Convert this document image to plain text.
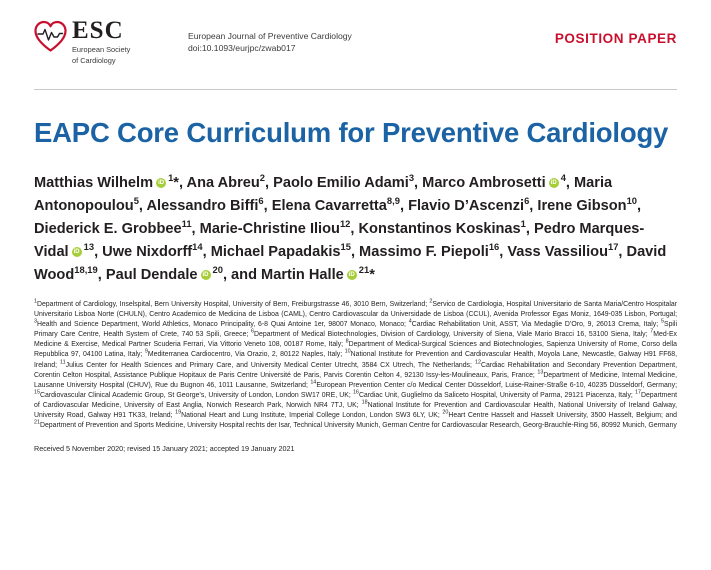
ESC
European Society
of Cardiology
European Journal of Preventive Cardiology
doi:10.1093/eurjpc/zwab017
POSITION PAPER
EAPC Core Curriculum for Preventive Cardiology
Matthias Wilhelm iD $^1$*, Ana Abreu$^2$, Paolo Emilio Adami$^3$, Marco Ambrosetti iD $^4$, Maria Antonopoulou$^5$, Alessandro Biffi$^6$, Elena Cavarretta$^{8,9}$, Flavio D’Ascenzi$^6$, Irene Gibson$^{10}$, Diederick E. Grobbee$^{11}$, Marie-Christine Iliou$^{12}$, Konstantinos Koskinas$^1$, Pedro Marques-Vidal iD $^{13}$, Uwe Nixdorff$^{14}$, Michael Papadakis$^{15}$, Massimo F. Piepoli$^{16}$, Vass Vassiliou$^{17}$, David Wood$^{18,19}$, Paul Dendale iD $^{20}$, and Martin Halle iD $^{21}$*
$^1$Department of Cardiology, Inselspital, Bern University Hospital, University of Bern, Freiburgstrasse 46, 3010 Bern, Switzerland; $^2$Servico de Cardiologia, Hospital Universitario de Santa Maria/Centro Hospitalar Universitario Lisboa Norte (CHULN), Centro Academico de Medicina de Lisboa (CAML), Centro Cardiovascular da Universidade de Lisboa (CCUL), Avenida Professor Egas Moniz, 1649-035 Lisbon, Portugal; $^3$Health and Science Department, World Athletics, Monaco Principality, 6-8 Quai Antoine 1er, 98007 Monaco, Monaco; $^4$Cardiac Rehabilitation Unit, ASST, Via Medaglie D’Oro, 9, 26013 Crema, Italy; $^5$Spili Primary Care Centre, Health System of Crete, 740 53 Spili, Greece; $^6$Department of Medical Biotechnologies, Division of Cardiology, University of Siena, Viale Mario Bracci 16, 53100 Siena, Italy; $^7$Med-Ex Medicine & Exercise, Medical Partner Scuderia Ferrari, Via Vittorio Veneto 108, 00187 Rome, Italy; $^8$Department of Medical-Surgical Sciences and Biotechnologies, Sapienza University of Rome, Corso della Repubblica 97, 04100 Latina, Italy; $^9$Mediterranea Cardiocentro, Via Orazio, 2, 80122 Naples, Italy; $^{10}$National Institute for Prevention and Cardiovascular Health, Moyola Lane, Newcastle, Galway H91 FF68, Ireland; $^{11}$Julius Center for Health Sciences and Primary Care, and University Medical Center Utrecht, 3584 CX Utrech, The Netherlands; $^{12}$Cardiac Rehabilitation and Secondary Prevention Department, Corentin Celton Hospital, Assistance Publique Hopitaux de Paris Centre Université de Paris, Parvis Corentin Celton 4, 92130 Issy-les-Moulineaux, Paris, France; $^{13}$Department of Medicine, Internal Medicine, Lausanne University Hospital (CHUV), Rue du Bugnon 46, 1011 Lausanne, Switzerland; $^{14}$European Prevention Center c/o Medical Center Düsseldorf, Luise-Rainer-Straße 6-10, 40235 Düsseldorf, Germany; $^{15}$Cardiovascular Clinical Academic Group, St George’s, University of London, London SW17 0RE, UK; $^{16}$Cardiac Unit, Guglielmo da Saliceto Hospital, University of Parma, 29121 Piacenza, Italy; $^{17}$Department of Cardiovascular Medicine, University of East Anglia, Norwich Research Park, Norwich NR4 7TJ, UK; $^{18}$National Institute for Prevention and Cardiovascular Health, National University of Ireland Galway, University Road, Galway H91 TK33, Ireland; $^{19}$National Heart and Lung Institute, Imperial College London, London SW3 6LY, UK; $^{20}$Heart Centre Hasselt and Hasselt University, 3500 Hasselt, Belgium; and $^{21}$Department of Prevention and Sports Medicine, University Hospital rechts der Isar, Technical University Munich, German Centre for Cardiovascular Research, Georg-Brauchle-Ring 56, 80992 Munich, Germany
Received 5 November 2020; revised 15 January 2021; accepted 19 January 2021
